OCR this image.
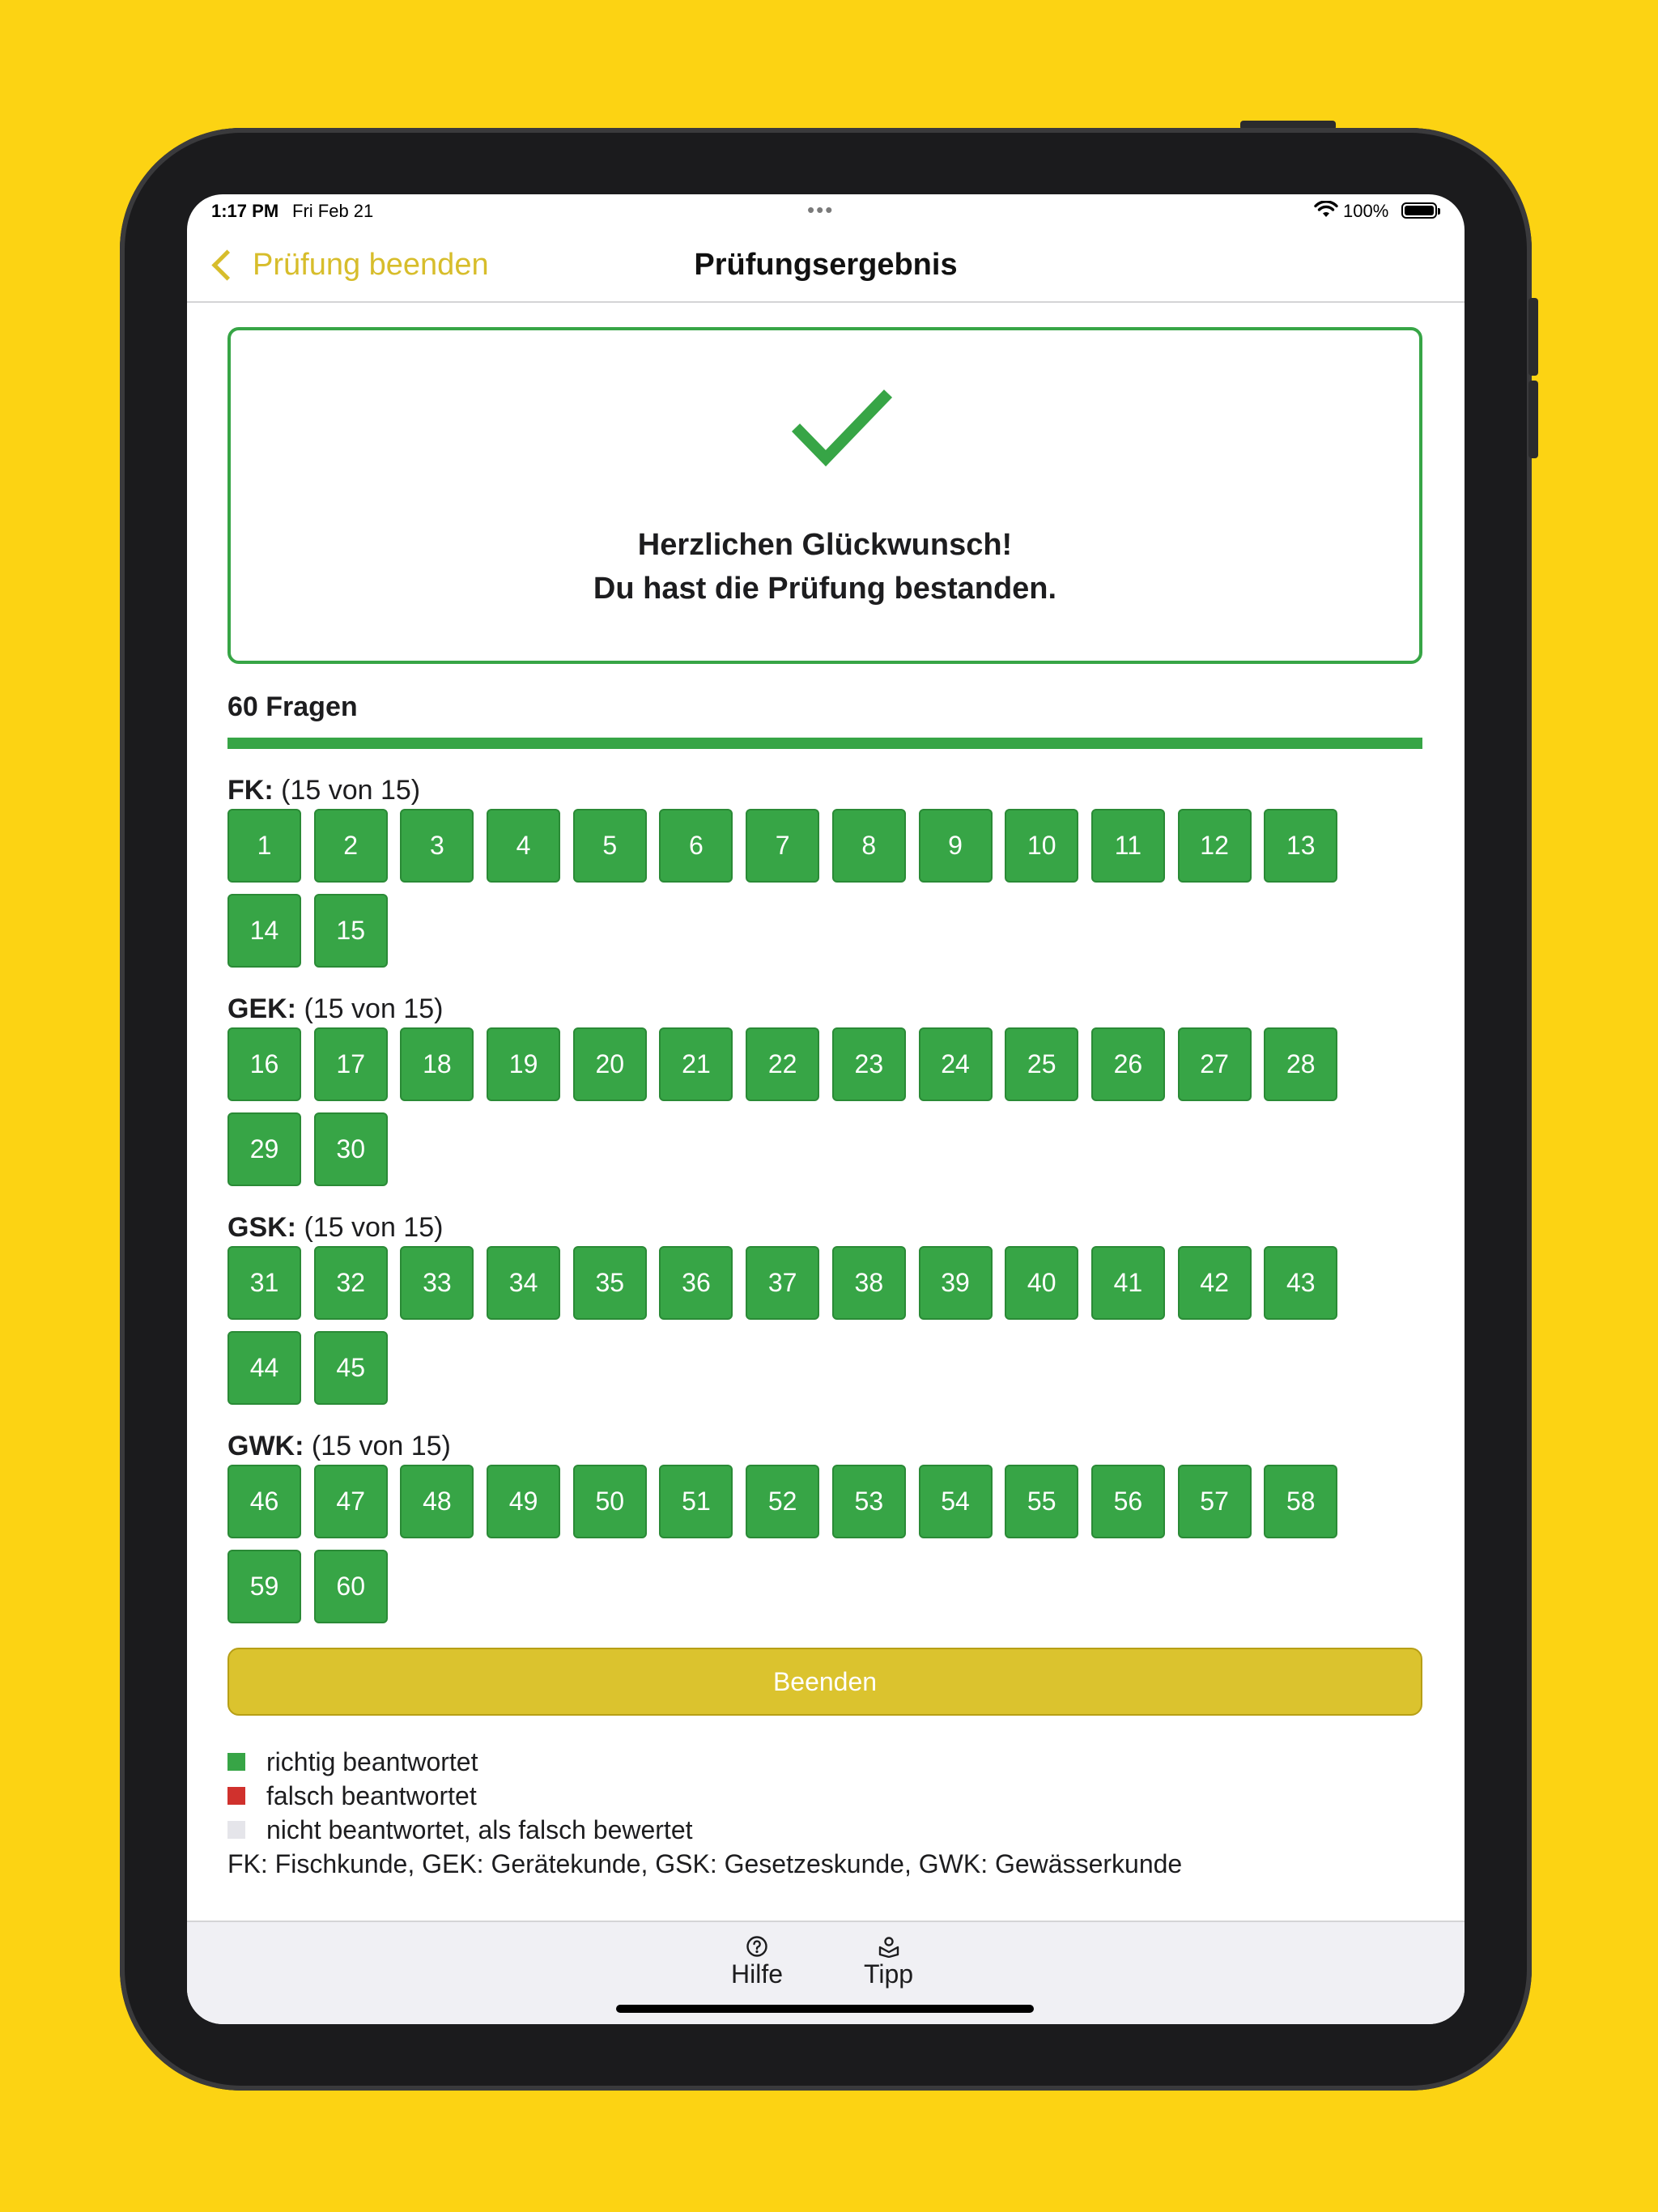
1:17 PM Fri Feb 21	•••	100%
Prüfung beenden	Prüfungsergebnis
Herzlichen Glückwunsch!
Du hast die Prüfung bestanden.
60 Fragen
FK: (15 von 15)
1	2	3	4	5	6	7	8	9	10	11	12	13
14	15
GEK: (15 von 15)
16	17	18	19	20	21	22	23	24	25	26	27	28
29	30
GSK: (15 von 15)
31	32	33	34	35	36	37	38	39	40	41	42	43
44	45
GWK: (15 von 15)
46	47	48	49	50	51	52	53	54	55	56	57	58
59	60
Beenden
richtig beantwortet
falsch beantwortet
nicht beantwortet, als falsch bewertet
FK: Fischkunde, GEK: Gerätekunde, GSK: Gesetzeskunde, GWK: Gewässerkunde
Hilfe	Tipp
